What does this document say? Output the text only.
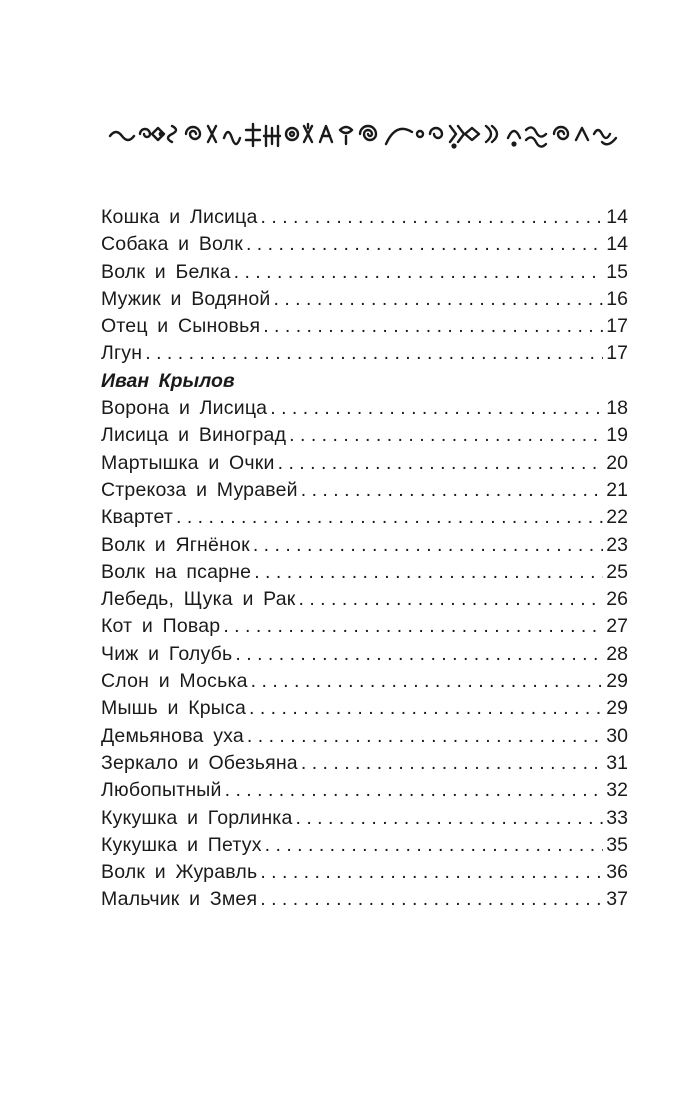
Кошка и Лисица . . .	14
Собака и Волк . . .	14
Волк и Белка . . .	15
Мужик и Водяной . . .	16
Отец и Сыновья . . .	17
Лгун . . .	17
Иван Крылов
Ворона и Лисица . . .	18
Лисица и Виноград . . .	19
Мартышка и Очки . . .	20
Стрекоза и Муравей . . .	21
Квартет . . .	22
Волк и Ягнёнок . . .	23
Волк на псарне . . .	25
Лебедь, Щука и Рак . . .	26
Кот и Повар . . .	27
Чиж и Голубь . . .	28
Слон и Моська . . .	29
Мышь и Крыса . . .	29
Демьянова уха . . .	30
Зеркало и Обезьяна . . .	31
Любопытный . . .	32
Кукушка и Горлинка . . .	33
Кукушка и Петух . . .	35
Волк и Журавль . . .	36
Мальчик и Змея . . .	37
